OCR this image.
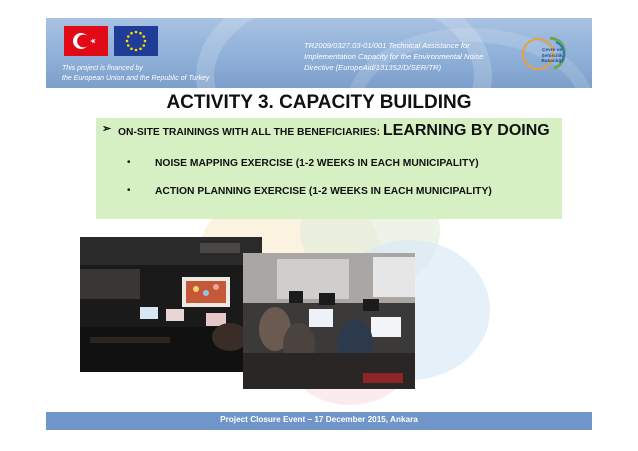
This project is financed by
the European Union and the Republic of Turkey
TR2009/0327.03-01/001 Technical Assistance for
Implementation Capacity for the Environmental Noise
Directive (EuropeAid/131352/D/SER/TR)
Çevre ve
Şehircilik
Bakanlığı
ACTIVITY 3. CAPACITY BUILDING
➢ ON-SITE TRAININGS WITH ALL THE BENEFICIARIES: LEARNING BY DOING
• NOISE MAPPING EXERCISE (1-2 WEEKS IN EACH MUNICIPALITY)
• ACTION PLANNING EXERCISE (1-2 WEEKS IN EACH MUNICIPALITY)
Project Closure Event – 17 December 2015, Ankara
